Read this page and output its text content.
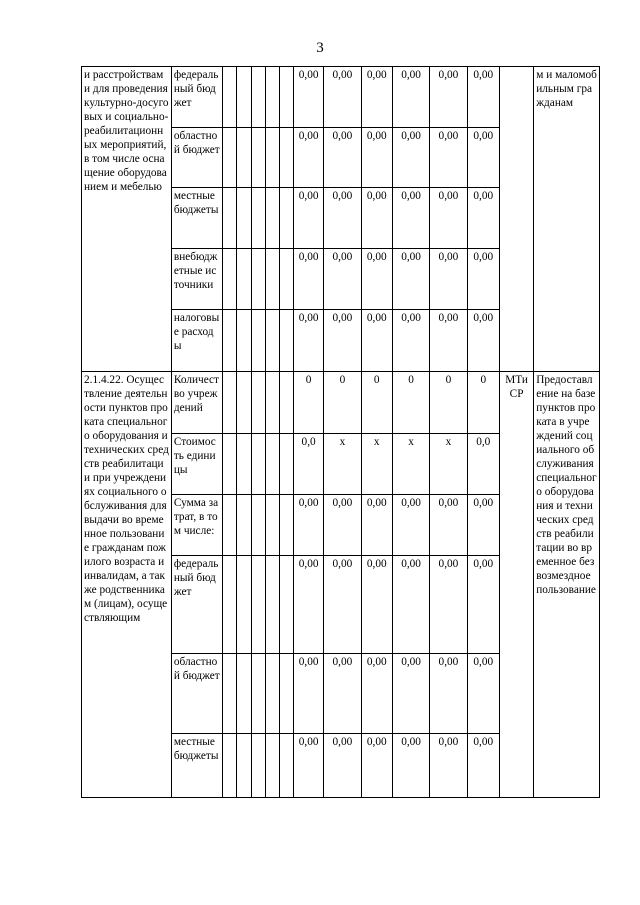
3
и расстройствами для проведения культурно-досуговых и социально-реабилитационных мероприятий, в том числе оснащение оборудованием и мебелью	федеральный бюджет						0,00	0,00	0,00	0,00	0,00	0,00		м и маломобильным гражданам
	областной бюджет						0,00	0,00	0,00	0,00	0,00	0,00		
	местные бюджеты						0,00	0,00	0,00	0,00	0,00	0,00		
	внебюджетные источники						0,00	0,00	0,00	0,00	0,00	0,00		
	налоговые расходы						0,00	0,00	0,00	0,00	0,00	0,00		
2.1.4.22. Осуществление деятельности пунктов проката специального оборудования и технических средств реабилитации при учреждениях социального обслуживания для выдачи во временное пользование гражданам пожилого возраста и инвалидам, а также родственникам (лицам), осуществляющим	Количество учреждений						0	0	0	0	0	0	МТиСР	Предоставление на базе пунктов проката в учреждений социального обслуживания специального оборудования и технических средств реабилитации во временное безвозмездное пользование
	Стоимость единицы						0,0	x	x	x	x	0,0		
	Сумма затрат, в том числе:						0,00	0,00	0,00	0,00	0,00	0,00		
	федеральный бюджет						0,00	0,00	0,00	0,00	0,00	0,00		
	областной бюджет						0,00	0,00	0,00	0,00	0,00	0,00		
	местные бюджеты						0,00	0,00	0,00	0,00	0,00	0,00		
